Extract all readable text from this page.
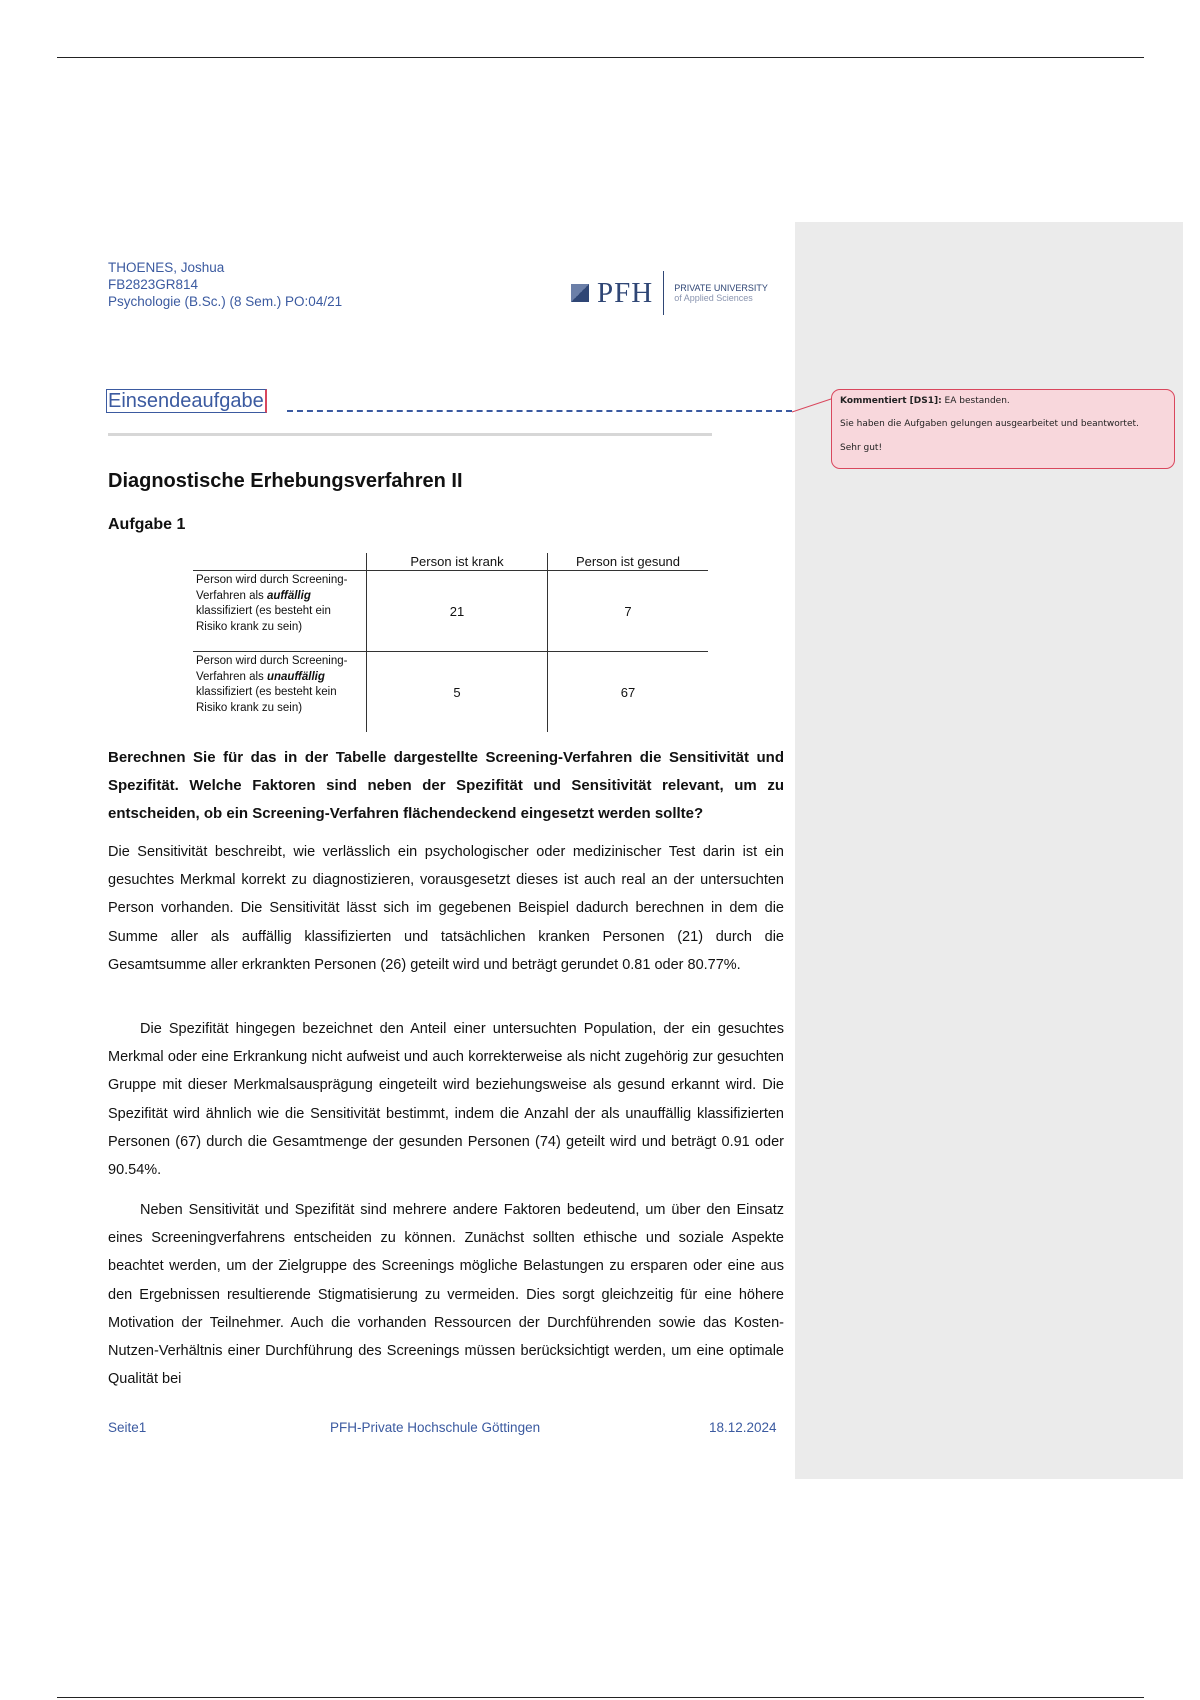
Kommentiert [DS1]: EA bestanden.

Sie haben die Aufgaben gelungen ausgearbeitet und beantwortet.

Sehr gut!

THOENES, Joshua
FB2823GR814
Psychologie (B.Sc.) (8 Sem.) PO:04/21	PFH PRIVATE UNIVERSITY
of Applied Sciences
Einsendeaufgabe
Diagnostische Erhebungsverfahren II
Aufgabe 1
	Person ist krank	Person ist gesund
Person wird durch Screening-Verfahren als auffällig klassifiziert (es besteht ein Risiko krank zu sein)	21	7
Person wird durch Screening-Verfahren als unauffällig klassifiziert (es besteht kein Risiko krank zu sein)	5	67
Berechnen Sie für das in der Tabelle dargestellte Screening-Verfahren die Sensitivität und Spezifität. Welche Faktoren sind neben der Spezifität und Sensitivität relevant, um zu entscheiden, ob ein Screening-Verfahren flächendeckend eingesetzt werden sollte?
Die Sensitivität beschreibt, wie verlässlich ein psychologischer oder medizinischer Test darin ist ein gesuchtes Merkmal korrekt zu diagnostizieren, vorausgesetzt dieses ist auch real an der untersuchten Person vorhanden. Die Sensitivität lässt sich im gegebenen Beispiel dadurch berechnen in dem die Summe aller als auffällig klassifizierten und tatsächlichen kranken Personen (21) durch die Gesamtsumme aller erkrankten Personen (26) geteilt wird und beträgt gerundet 0.81 oder 80.77%.
Die Spezifität hingegen bezeichnet den Anteil einer untersuchten Population, der ein gesuchtes Merkmal oder eine Erkrankung nicht aufweist und auch korrekterweise als nicht zugehörig zur gesuchten Gruppe mit dieser Merkmalsausprägung eingeteilt wird beziehungsweise als gesund erkannt wird. Die Spezifität wird ähnlich wie die Sensitivität bestimmt, indem die Anzahl der als unauffällig klassifizierten Personen (67) durch die Gesamtmenge der gesunden Personen (74) geteilt wird und beträgt 0.91 oder 90.54%.
Neben Sensitivität und Spezifität sind mehrere andere Faktoren bedeutend, um über den Einsatz eines Screeningverfahrens entscheiden zu können. Zunächst sollten ethische und soziale Aspekte beachtet werden, um der Zielgruppe des Screenings mögliche Belastungen zu ersparen oder eine aus den Ergebnissen resultierende Stigmatisierung zu vermeiden. Dies sorgt gleichzeitig für eine höhere Motivation der Teilnehmer. Auch die vorhanden Ressourcen der Durchführenden sowie das Kosten-Nutzen-Verhältnis einer Durchführung des Screenings müssen berücksichtigt werden, um eine optimale Qualität bei
Seite1	PFH-Private Hochschule Göttingen	18.12.2024
